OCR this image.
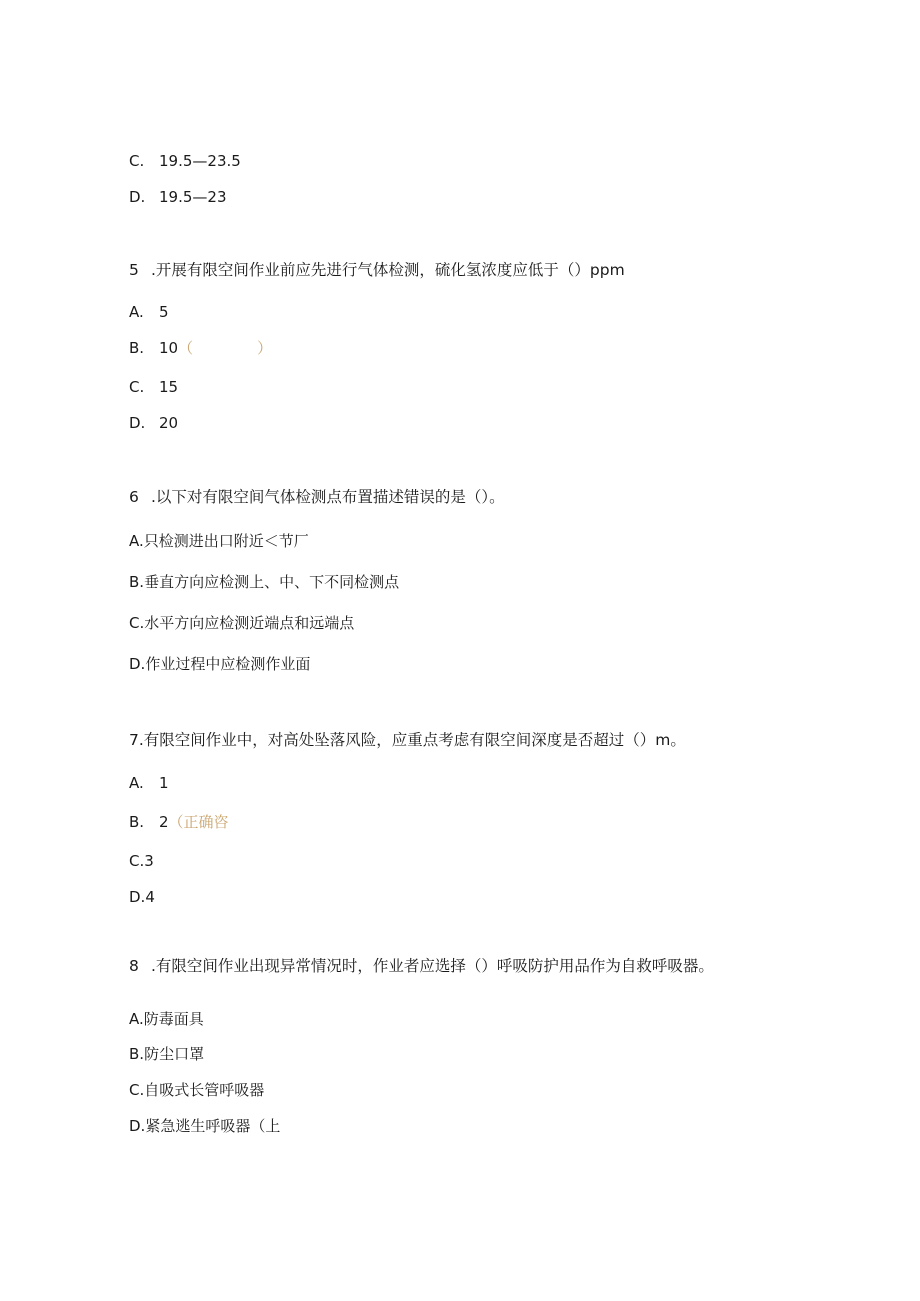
C. 19.5—23.5
D. 19.5—23
5 .开展有限空间作业前应先进行气体检测，硫化氢浓度应低于（）ppm
A. 5
B. 10（	）
C. 15
D. 20
6 .以下对有限空间气体检测点布置描述错误的是（）。
A.只检测进出口附近＜节厂
B.垂直方向应检测上、中、下不同检测点
C.水平方向应检测近端点和远端点
D.作业过程中应检测作业面
7.有限空间作业中，对高处坠落风险，应重点考虑有限空间深度是否超过（）m。
A. 1
B. 2（正确咨
C.3
D.4
8 .有限空间作业出现异常情况时，作业者应选择（）呼吸防护用品作为自救呼吸器。
A.防毒面具
B.防尘口罩
C.自吸式长管呼吸器
D.紧急逃生呼吸器（上
